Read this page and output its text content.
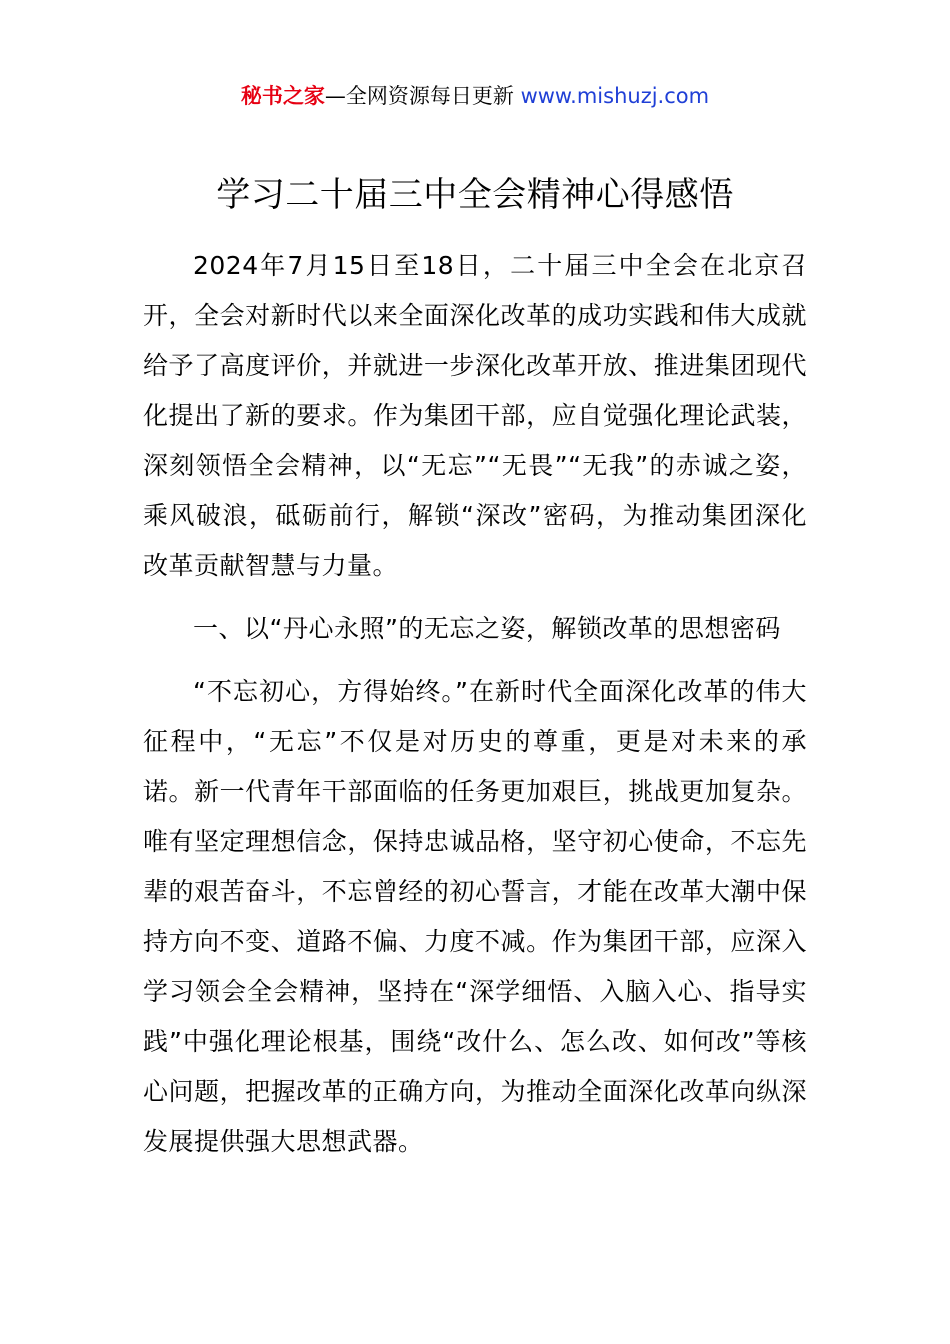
秘书之家—全网资源每日更新 www.mishuzj.com
学习二十届三中全会精神心得感悟

2024年7月15日至18日，二十届三中全会在北京召开，全会对新时代以来全面深化改革的成功实践和伟大成就给予了高度评价，并就进一步深化改革开放、推进集团现代化提出了新的要求。作为集团干部，应自觉强化理论武装，深刻领悟全会精神，以“无忘”“无畏”“无我”的赤诚之姿，乘风破浪，砥砺前行，解锁“深改”密码，为推动集团深化改革贡献智慧与力量。

一、以“丹心永照”的无忘之姿，解锁改革的思想密码

“不忘初心，方得始终。”在新时代全面深化改革的伟大征程中，“无忘”不仅是对历史的尊重，更是对未来的承诺。新一代青年干部面临的任务更加艰巨，挑战更加复杂。唯有坚定理想信念，保持忠诚品格，坚守初心使命，不忘先辈的艰苦奋斗，不忘曾经的初心誓言，才能在改革大潮中保持方向不变、道路不偏、力度不减。作为集团干部，应深入学习领会全会精神，坚持在“深学细悟、入脑入心、指导实践”中强化理论根基，围绕“改什么、怎么改、如何改”等核心问题，把握改革的正确方向，为推动全面深化改革向纵深发展提供强大思想武器。
